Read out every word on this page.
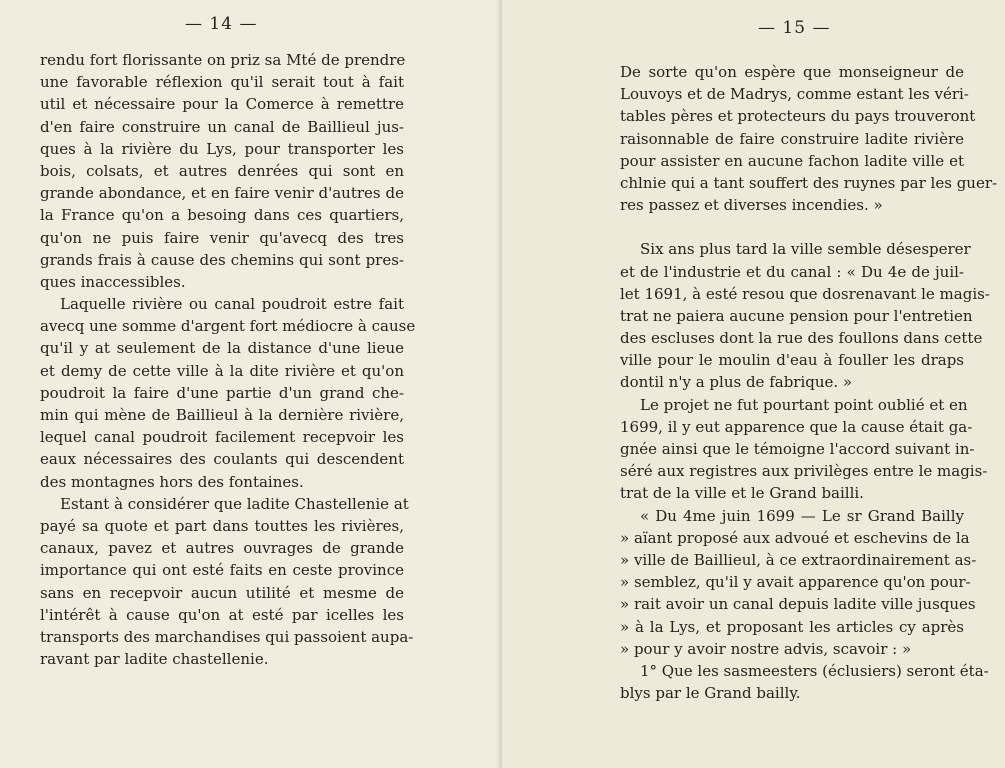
— 14 —
rendu fort florissante on priz sa Mté de prendre
une favorable réflexion qu'il serait tout à fait
util et nécessaire pour la Comerce à remettre
d'en faire construire un canal de Baillieul jus-
ques à la rivière du Lys, pour transporter les
bois, colsats, et autres denrées qui sont en
grande abondance, et en faire venir d'autres de
la France qu'on a besoing dans ces quartiers,
qu'on ne puis faire venir qu'avecq des tres
grands frais à cause des chemins qui sont pres-
ques inaccessibles.
Laquelle rivière ou canal poudroit estre fait
avecq une somme d'argent fort médiocre à cause
qu'il y at seulement de la distance d'une lieue
et demy de cette ville à la dite rivière et qu'on
poudroit la faire d'une partie d'un grand che-
min qui mène de Baillieul à la dernière rivière,
lequel canal poudroit facilement recepvoir les
eaux nécessaires des coulants qui descendent
des montagnes hors des fontaines.
Estant à considérer que ladite Chastellenie at
payé sa quote et part dans touttes les rivières,
canaux, pavez et autres ouvrages de grande
importance qui ont esté faits en ceste province
sans en recepvoir aucun utilité et mesme de
l'intérêt à cause qu'on at esté par icelles les
transports des marchandises qui passoient aupa-
ravant par ladite chastellenie.
— 15 —
De sorte qu'on espère que monseigneur de
Louvoys et de Madrys, comme estant les véri-
tables pères et protecteurs du pays trouveront
raisonnable de faire construire ladite rivière
pour assister en aucune fachon ladite ville et
chlnie qui a tant souffert des ruynes par les guer-
res passez et diverses incendies. »
Six ans plus tard la ville semble désesperer
et de l'industrie et du canal : « Du 4e de juil-
let 1691, à esté resou que dosrenavant le magis-
trat ne paiera aucune pension pour l'entretien
des escluses dont la rue des foullons dans cette
ville pour le moulin d'eau à fouller les draps
dontil n'y a plus de fabrique. »
Le projet ne fut pourtant point oublié et en
1699, il y eut apparence que la cause était ga-
gnée ainsi que le témoigne l'accord suivant in-
séré aux registres aux privilèges entre le magis-
trat de la ville et le Grand bailli.
« Du 4me juin 1699 — Le sr Grand Bailly
» aïant proposé aux advoué et eschevins de la
» ville de Baillieul, à ce extraordinairement as-
» semblez, qu'il y avait apparence qu'on pour-
» rait avoir un canal depuis ladite ville jusques
» à la Lys, et proposant les articles cy après
» pour y avoir nostre advis, scavoir : »
1° Que les sasmeesters (éclusiers) seront éta-
blys par le Grand bailly.
